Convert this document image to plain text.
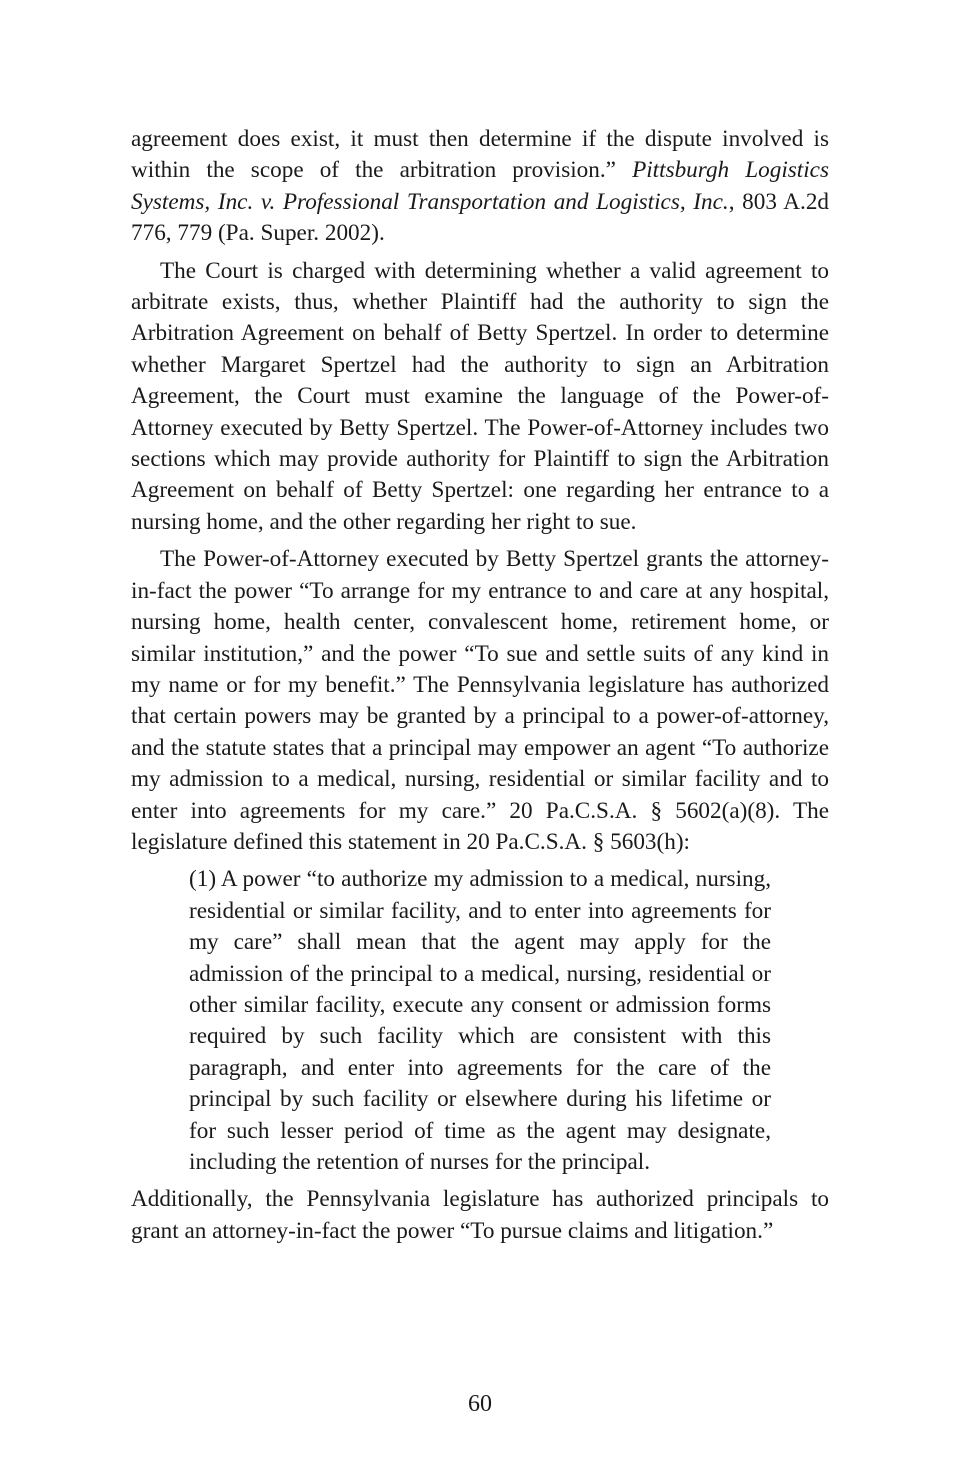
agreement does exist, it must then determine if the dispute involved is within the scope of the arbitration provision.” Pittsburgh Logistics Systems, Inc. v. Professional Transportation and Logistics, Inc., 803 A.2d 776, 779 (Pa. Super. 2002).

The Court is charged with determining whether a valid agreement to arbitrate exists, thus, whether Plaintiff had the authority to sign the Arbitration Agreement on behalf of Betty Spertzel. In order to determine whether Margaret Spertzel had the authority to sign an Arbitration Agreement, the Court must examine the language of the Power-of-Attorney executed by Betty Spertzel. The Power-of-Attorney includes two sections which may provide authority for Plaintiff to sign the Arbitration Agreement on behalf of Betty Spertzel: one regarding her entrance to a nursing home, and the other regarding her right to sue.

The Power-of-Attorney executed by Betty Spertzel grants the attorney-in-fact the power “To arrange for my entrance to and care at any hospital, nursing home, health center, convalescent home, retirement home, or similar institution,” and the power “To sue and settle suits of any kind in my name or for my benefit.” The Pennsylvania legislature has authorized that certain powers may be granted by a principal to a power-of-attorney, and the statute states that a principal may empower an agent “To authorize my admission to a medical, nursing, residential or similar facility and to enter into agreements for my care.” 20 Pa.C.S.A. § 5602(a)(8). The legislature defined this statement in 20 Pa.C.S.A. § 5603(h):

(1) A power “to authorize my admission to a medical, nursing, residential or similar facility, and to enter into agreements for my care” shall mean that the agent may apply for the admission of the principal to a medical, nursing, residential or other similar facility, execute any consent or admission forms required by such facility which are consistent with this paragraph, and enter into agreements for the care of the principal by such facility or elsewhere during his lifetime or for such lesser period of time as the agent may designate, including the retention of nurses for the principal.

Additionally, the Pennsylvania legislature has authorized principals to grant an attorney-in-fact the power “To pursue claims and litigation.”

60
